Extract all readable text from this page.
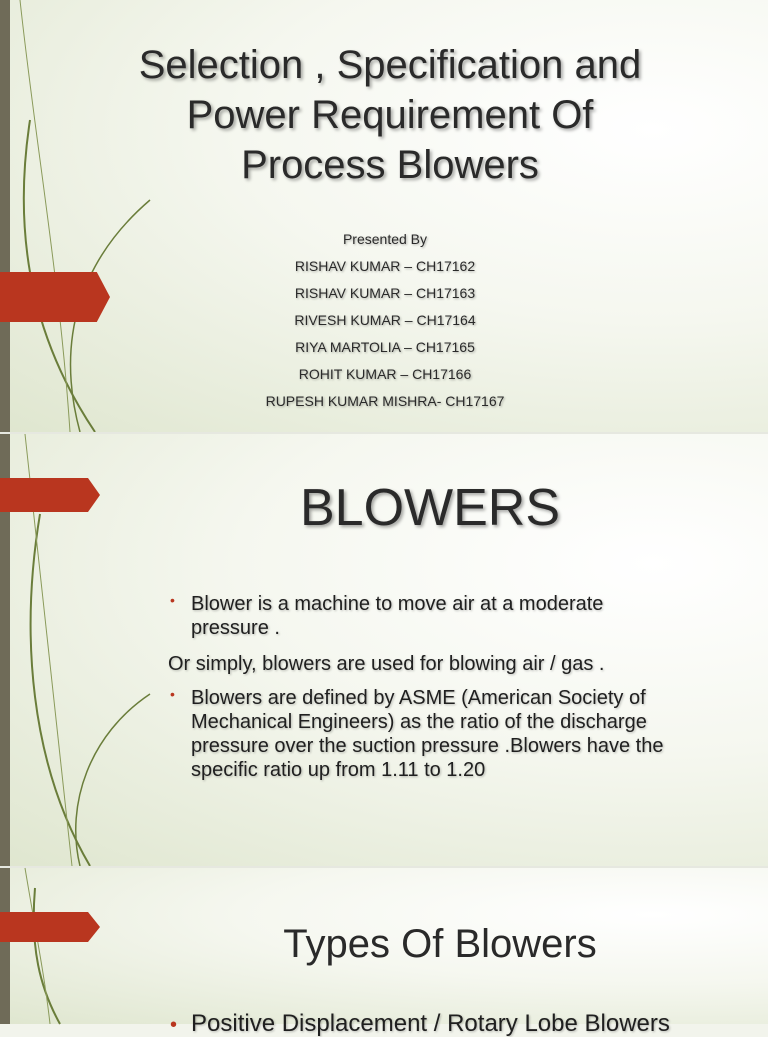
Selection , Specification and
Power Requirement Of
Process Blowers
Presented By
RISHAV KUMAR – CH17162
RISHAV KUMAR – CH17163
RIVESH KUMAR – CH17164
RIYA MARTOLIA – CH17165
ROHIT KUMAR – CH17166
RUPESH KUMAR MISHRA- CH17167
BLOWERS
• Blower is a machine to move air at a moderate
pressure .
Or simply, blowers are used for blowing air / gas .
• Blowers are defined by ASME (American Society of
Mechanical Engineers) as the ratio of the discharge
pressure over the suction pressure .Blowers have the
specific ratio up from 1.11 to 1.20
Types Of Blowers
• Positive Displacement / Rotary Lobe Blowers
